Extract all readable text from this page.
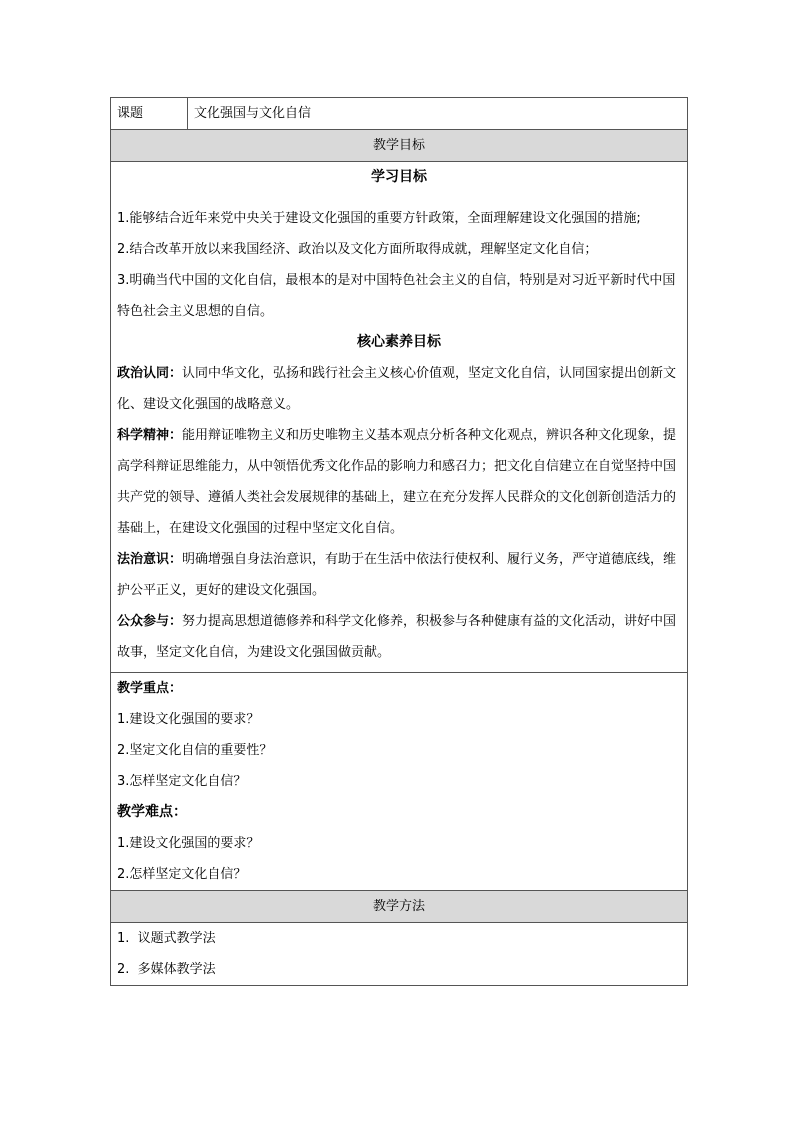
课题	文化强国与文化自信
教学目标

学习目标
1.能够结合近年来党中央关于建设文化强国的重要方针政策，全面理解建设文化强国的措施;
2.结合改革开放以来我国经济、政治以及文化方面所取得成就，理解坚定文化自信；
3.明确当代中国的文化自信，最根本的是对中国特色社会主义的自信，特别是对习近平新时代中国特色社会主义思想的自信。
核心素养目标
政治认同：认同中华文化，弘扬和践行社会主义核心价值观，坚定文化自信，认同国家提出创新文化、建设文化强国的战略意义。
科学精神：能用辩证唯物主义和历史唯物主义基本观点分析各种文化观点，辨识各种文化现象，提高学科辩证思维能力，从中领悟优秀文化作品的影响力和感召力；把文化自信建立在自觉坚持中国共产党的领导、遵循人类社会发展规律的基础上，建立在充分发挥人民群众的文化创新创造活力的基础上，在建设文化强国的过程中坚定文化自信。
法治意识：明确增强自身法治意识，有助于在生活中依法行使权利、履行义务，严守道德底线，维护公平正义，更好的建设文化强国。
公众参与：努力提高思想道德修养和科学文化修养，积极参与各种健康有益的文化活动，讲好中国故事，坚定文化自信，为建设文化强国做贡献。

教学重点：
1.建设文化强国的要求？
2.坚定文化自信的重要性？
3.怎样坚定文化自信？
教学难点：
1.建设文化强国的要求？
2.怎样坚定文化自信？

教学方法

1.  议题式教学法
2.  多媒体教学法
